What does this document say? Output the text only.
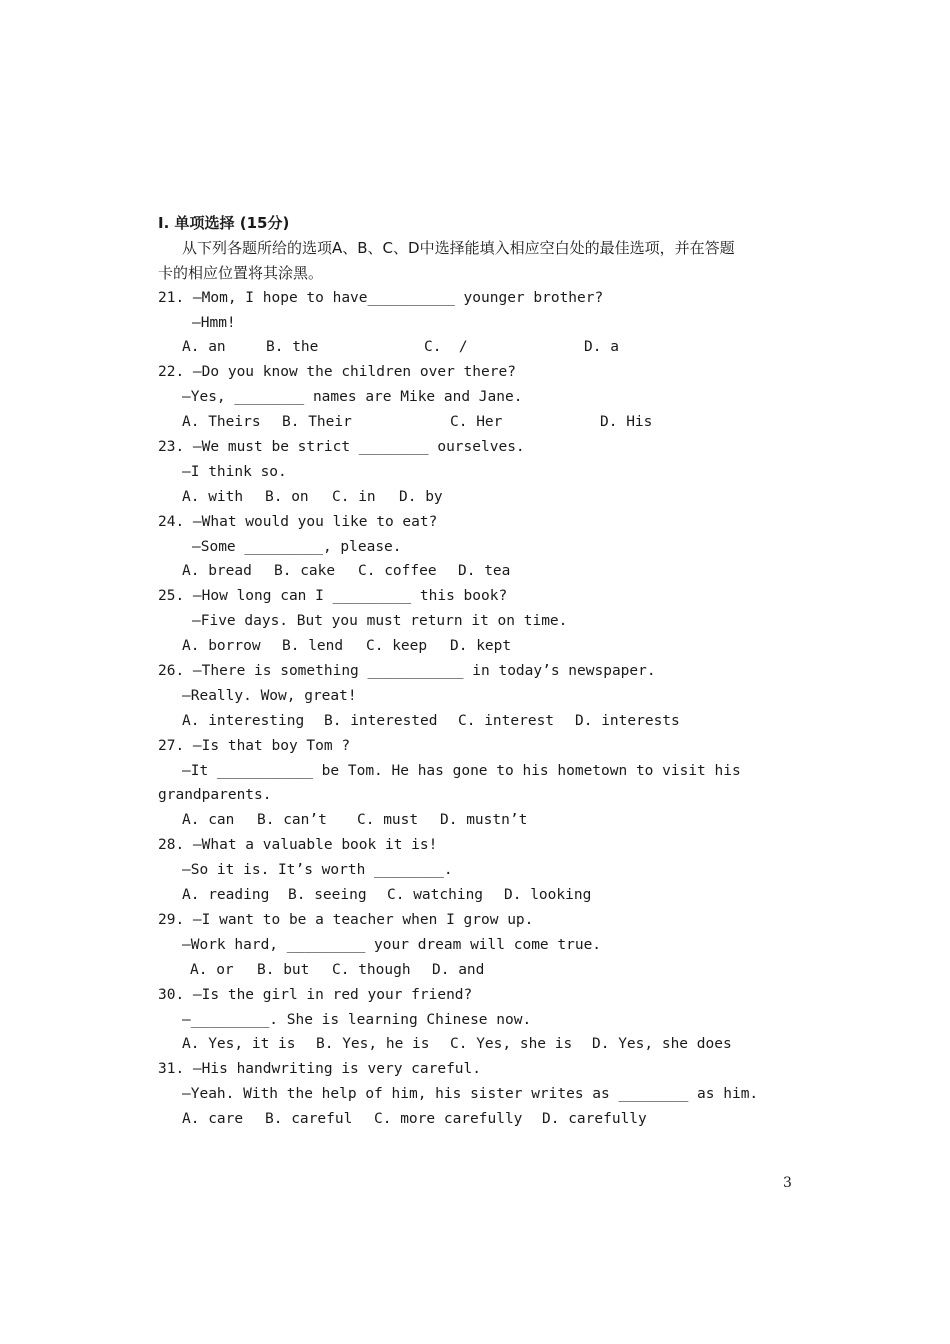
Ⅰ. 单项选择 (15分)
从下列各题所给的选项A、B、C、D中选择能填入相应空白处的最佳选项，并在答题
卡的相应位置将其涂黑。
21. —Mom, I hope to have__________ younger brother?
—Hmm!
A. an	B. the	C.  /	D. a
22. —Do you know the children over there?
—Yes, ________ names are Mike and Jane.
A. Theirs B. Their	C. Her	D. His
23. —We must be strict ________ ourselves.
—I think so.
A. with B. on C. in D. by
24. —What would you like to eat?
—Some _________, please.
A. bread B. cake C. coffee D. tea
25. —How long can I _________ this book?
—Five days. But you must return it on time.
A. borrow B. lend C. keep D. kept
26. —There is something ___________ in today’s newspaper.
—Really. Wow, great!
A. interesting B. interested C. interest D. interests
27. —Is that boy Tom ?
—It ___________ be Tom. He has gone to his hometown to visit his
grandparents.
A. can B. can’t C. must D. mustn’t
28. —What a valuable book it is!
—So it is. It’s worth ________.
A. reading B. seeing C. watching D. looking
29. —I want to be a teacher when I grow up.
—Work hard, _________ your dream will come true.
A. or B. but C. though D. and
30. —Is the girl in red your friend?
—_________. She is learning Chinese now.
A. Yes, it is B. Yes, he is C. Yes, she is D. Yes, she does
31. —His handwriting is very careful.
—Yeah. With the help of him, his sister writes as ________ as him.
A. care B. careful C. more carefully D. carefully
3
